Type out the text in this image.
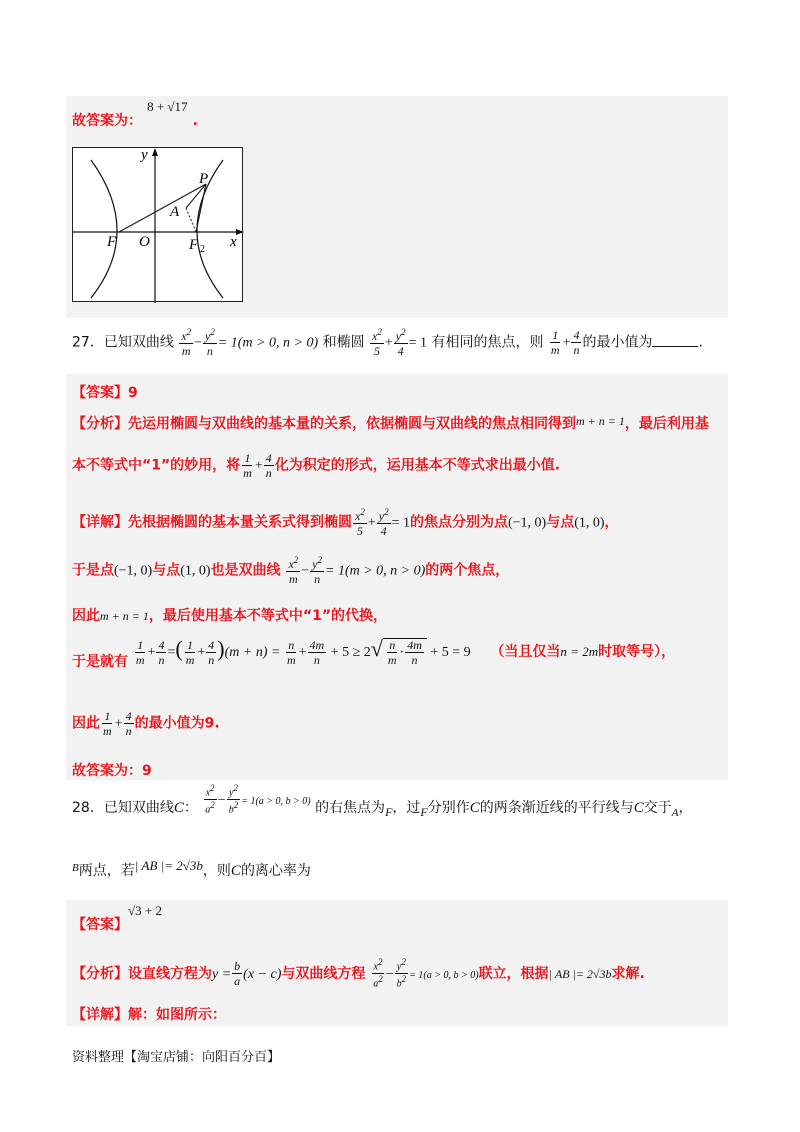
故答案为： $^{8 + √17}$ .
y
x
P
A
F O	F 2
27．已知双曲线 $\frac{x^2}{m} - \frac{y^2}{n} = 1(m > 0$, n > 0) 和椭圆 $\frac{x^2}{5} + \frac{y^2}{4} = 1$ 有相同的焦点，则 $\frac{1}{m} + \frac{4}{n}$ 的最小值为	.
【答案】9
【分析】先运用椭圆与双曲线的基本量的关系，依据椭圆与双曲线的焦点相同得到m + n = 1，最后利用基
本不等式中“1”的妙用，将 $\frac{1}{m} + \frac{4}{n}$ 化为积定的形式，运用基本不等式求出最小值.
【详解】先根据椭圆的基本量关系式得到椭圆 $\frac{x^2}{5} + \frac{y^2}{4} = 1$的焦点分别为点(−1, 0)与点(1, 0)，
于是点(−1, 0)与点(1, 0)也是双曲线 $\frac{x^2}{m} - \frac{y^2}{n} = 1(m > 0$, n > 0)的两个焦点，
因此m + n = 1，最后使用基本不等式中“1”的代换，
于是就有 $\frac{1}{m} + \frac{4}{n}$ =( $\frac{1}{m} + \frac{4}{n} )(m + n) = \frac{n}{m} + \frac{4m}{n} + 5 \ge 2√ \frac{n}{m} \cdot \frac{4m}{n} + 5 = 9$ （当且仅当n = 2m时取等号），
因此 $\frac{1}{m} + \frac{4}{n}$ 的最小值为9.
故答案为：9
28．已知双曲线C： $\frac{x2}{a2} - \frac{y2}{b2} ^{= 1(a > 0, b > 0)}$ 的右焦点为F，过F分别作C的两条渐近线的平行线与C交于$_A$，
$^B$两点，若| AB |= 2√3b，则C的离心率为
【答案】√3 + 2
【分析】设直线方程为$y = \frac{b}{a} (x - c)$与双曲线方程 $\frac{x2}{a2} - \frac{y2}{b2} = 1(a > 0$, b > 0)联立，根据| AB |= 2√3b求解.
【详解】解：如图所示：
资料整理【淘宝店铺：向阳百分百】
